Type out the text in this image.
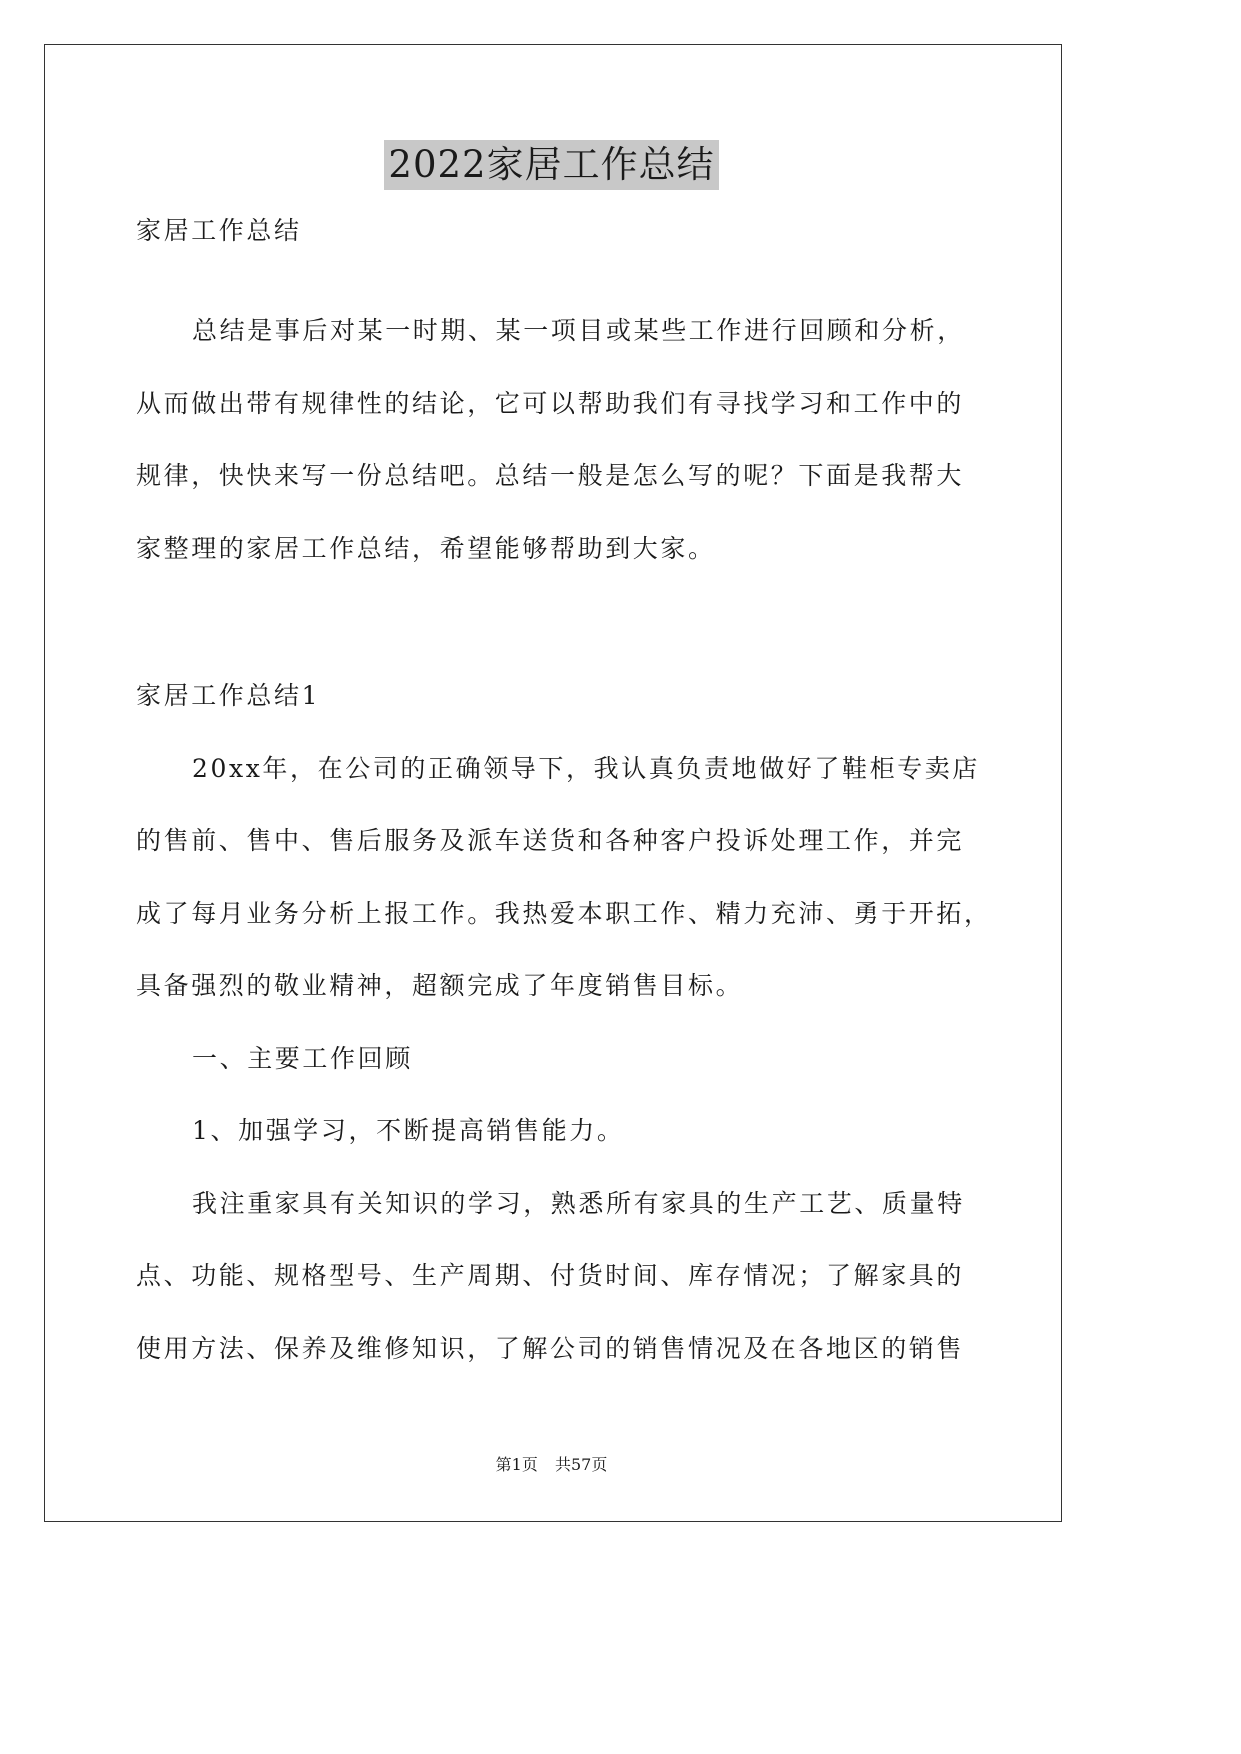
2022家居工作总结
家居工作总结
总结是事后对某一时期、某一项目或某些工作进行回顾和分析，
从而做出带有规律性的结论，它可以帮助我们有寻找学习和工作中的
规律，快快来写一份总结吧。总结一般是怎么写的呢？下面是我帮大
家整理的家居工作总结，希望能够帮助到大家。
家居工作总结1
20xx年，在公司的正确领导下，我认真负责地做好了鞋柜专卖店
的售前、售中、售后服务及派车送货和各种客户投诉处理工作，并完
成了每月业务分析上报工作。我热爱本职工作、精力充沛、勇于开拓，
具备强烈的敬业精神，超额完成了年度销售目标。
一、主要工作回顾
1、加强学习，不断提高销售能力。
我注重家具有关知识的学习，熟悉所有家具的生产工艺、质量特
点、功能、规格型号、生产周期、付货时间、库存情况；了解家具的
使用方法、保养及维修知识，了解公司的销售情况及在各地区的销售
第1页 共57页
